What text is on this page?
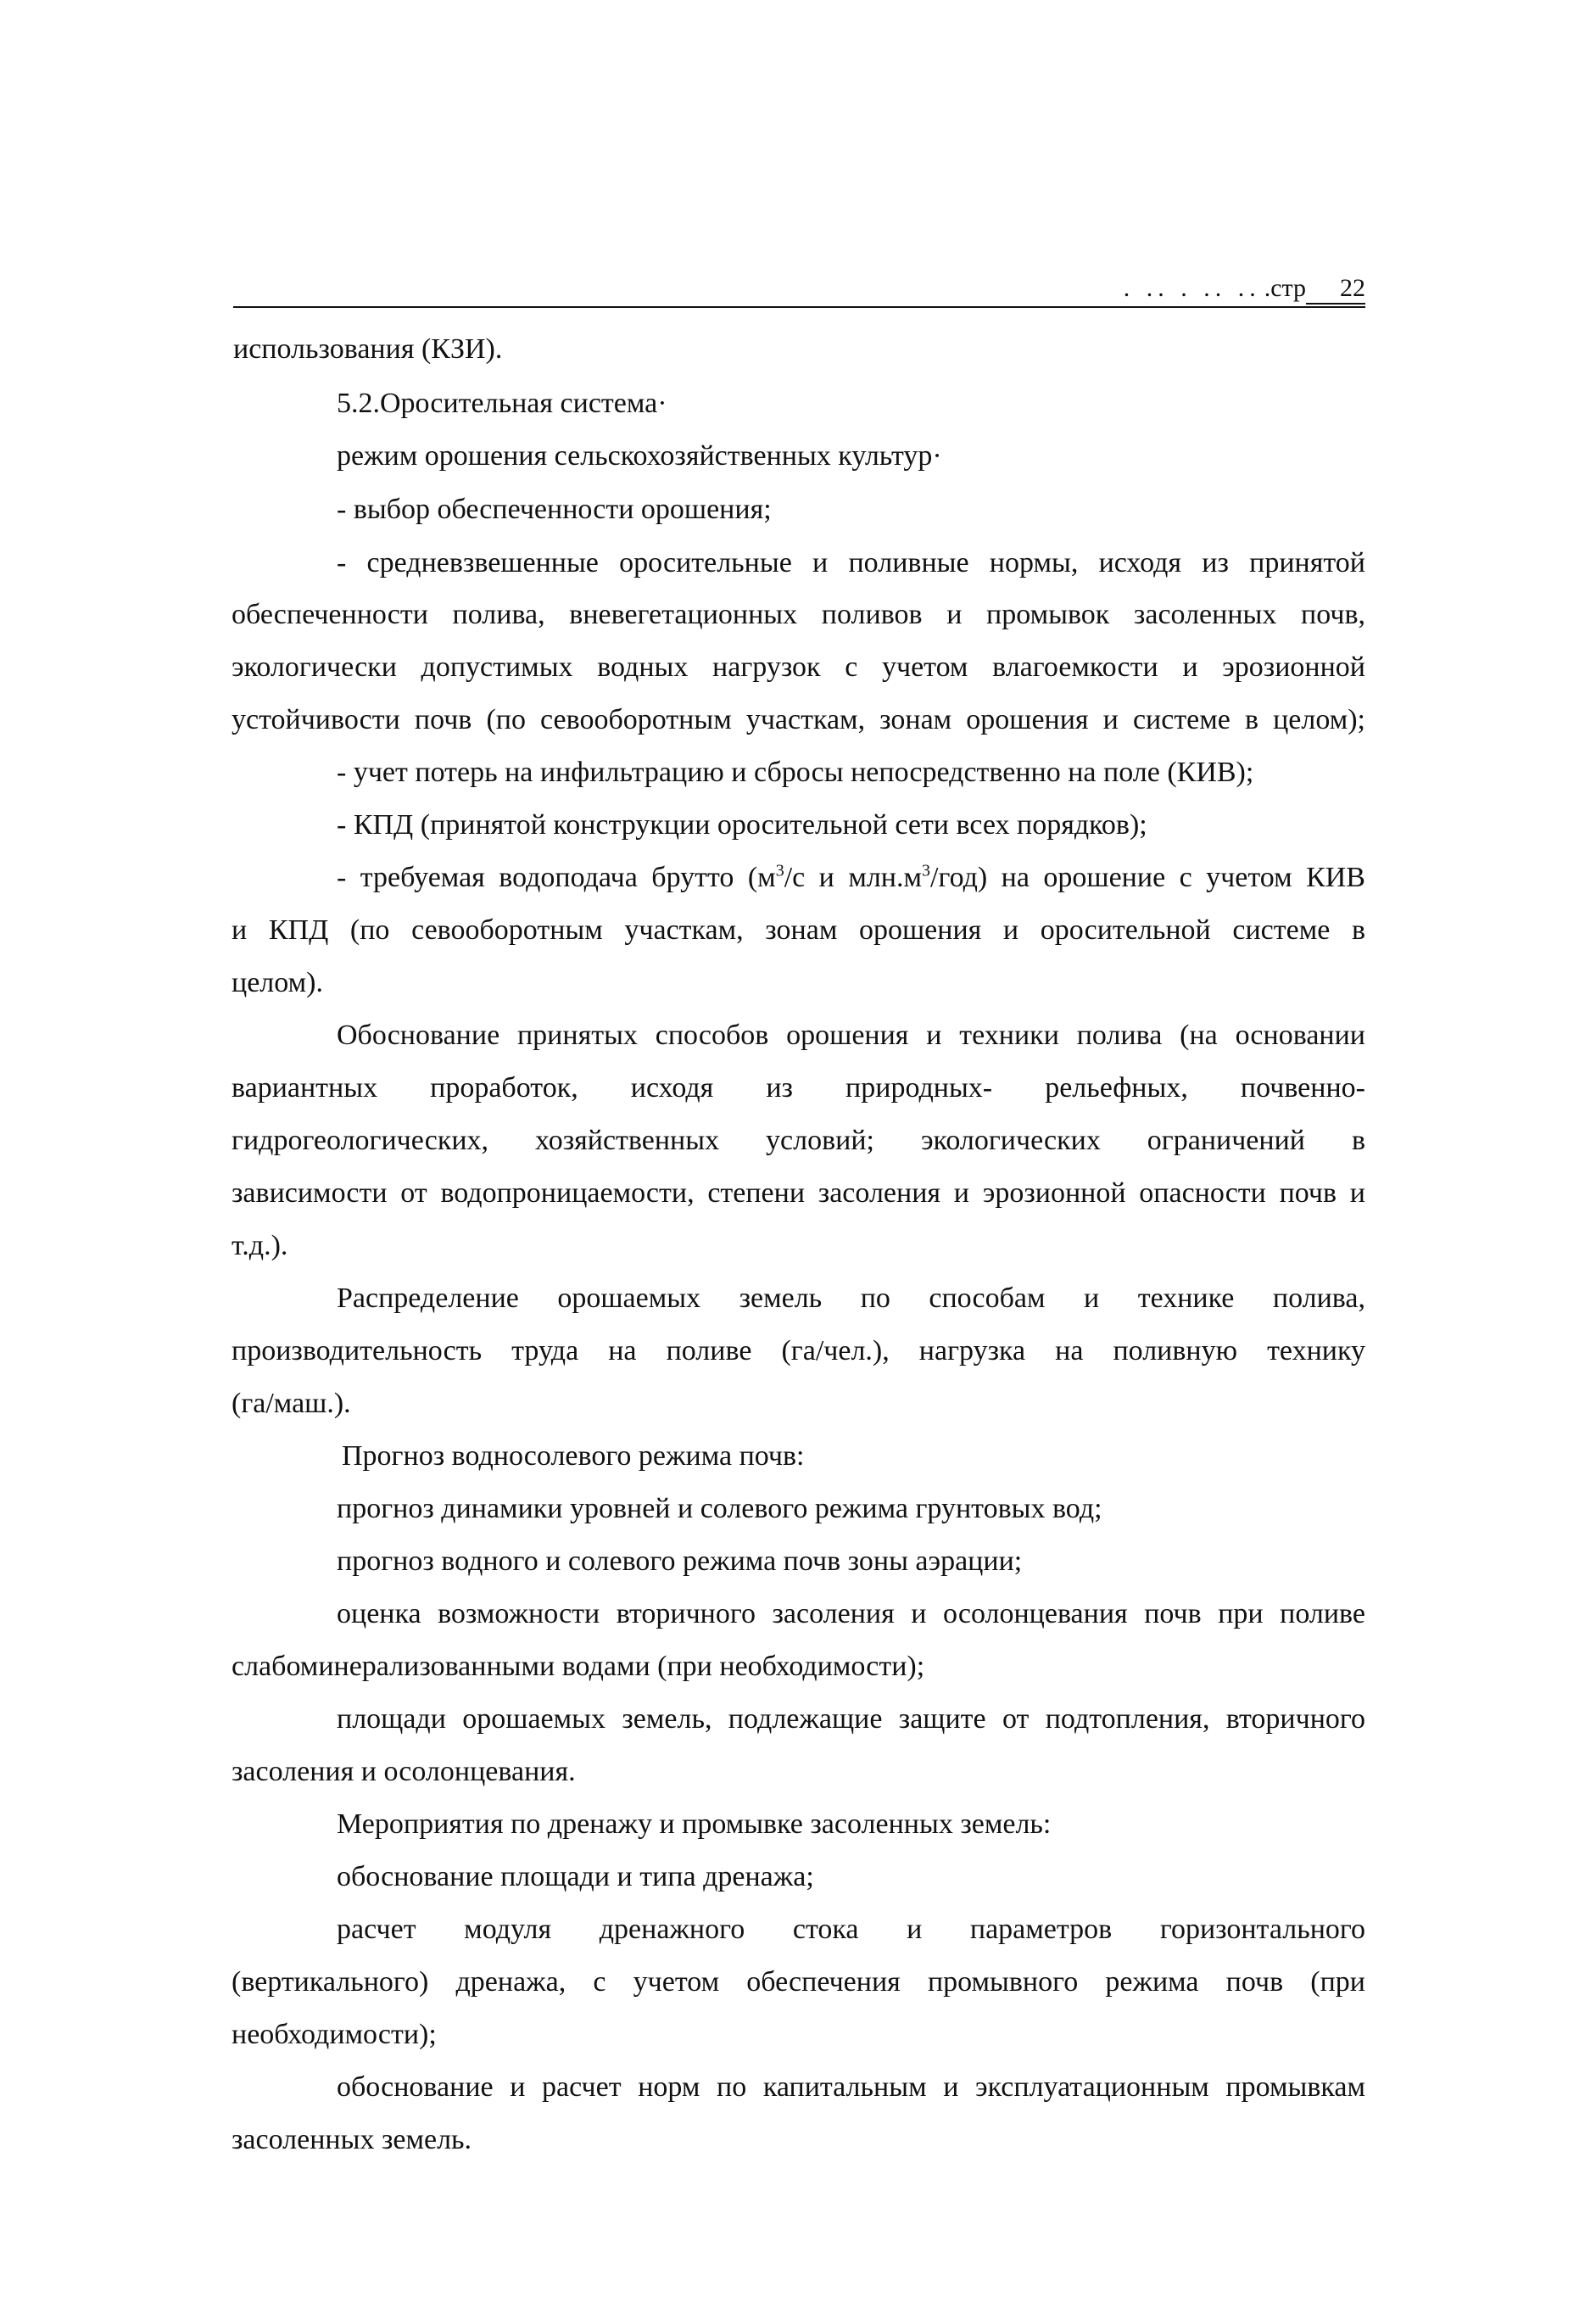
. .. . .. .. .стр 22
использования (КЗИ).
5.2.Оросительная система·
режим орошения сельскохозяйственных культур·
- выбор обеспеченности орошения;
- средневзвешенные оросительные и поливные нормы, исходя из принятой
обеспеченности полива, вневегетационных поливов и промывок засоленных почв,
экологически допустимых водных нагрузок с учетом влагоемкости и эрозионной
устойчивости почв (по севооборотным участкам, зонам орошения и системе в целом);
- учет потерь на инфильтрацию и сбросы непосредственно на поле (КИВ);
- КПД (принятой конструкции оросительной сети всех порядков);
- требуемая водоподача брутто ($м^3/с$ и $млн.м^3/год$) на орошение с учетом КИВ
и КПД (по севооборотным участкам, зонам орошения и оросительной системе в
целом).
Обоснование принятых способов орошения и техники полива (на основании
вариантных проработок, исходя из природных- рельефных, почвенно-
гидрогеологических, хозяйственных условий; экологических ограничений в
зависимости от водопроницаемости, степени засоления и эрозионной опасности почв и
т.д.).
Распределение орошаемых земель по способам и технике полива,
производительность труда на поливе (га/чел.), нагрузка на поливную технику
(га/маш.).
Прогноз водносолевого режима почв:
прогноз динамики уровней и солевого режима грунтовых вод;
прогноз водного и солевого режима почв зоны аэрации;
оценка возможности вторичного засоления и осолонцевания почв при поливе
слабоминерализованными водами (при необходимости);
площади орошаемых земель, подлежащие защите от подтопления, вторичного
засоления и осолонцевания.
Мероприятия по дренажу и промывке засоленных земель:
обоснование площади и типа дренажа;
расчет модуля дренажного стока и параметров горизонтального
(вертикального) дренажа, с учетом обеспечения промывного режима почв (при
необходимости);
обоснование и расчет норм по капитальным и эксплуатационным промывкам
засоленных земель.
